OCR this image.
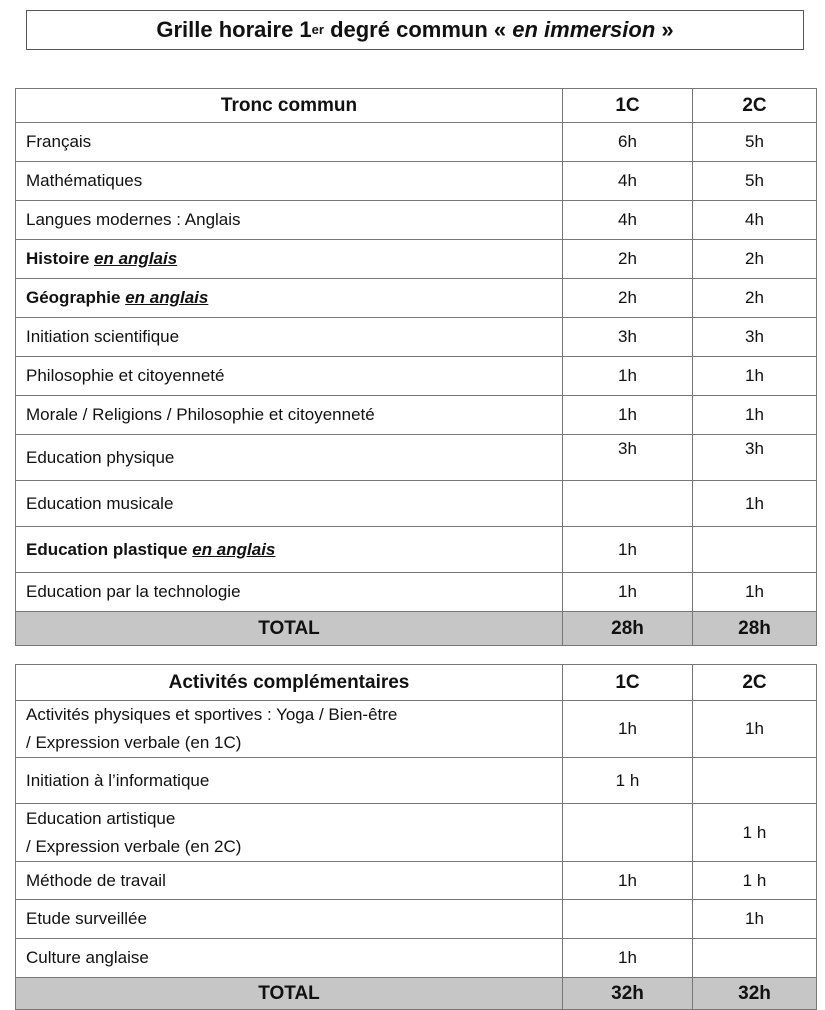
Grille horaire 1 er degré commun « en immersion »
Tronc commun	1C	2C
Français	6h	5h
Mathématiques	4h	5h
Langues modernes : Anglais	4h	4h
Histoire en anglais	2h	2h
Géographie en anglais	2h	2h
Initiation scientifique	3h	3h
Philosophie et citoyenneté	1h	1h
Morale / Religions / Philosophie et citoyenneté	1h	1h
Education physique	3h	3h
Education musicale		1h
Education plastique en anglais	1h	
Education par la technologie	1h	1h
TOTAL	28h	28h
Activités complémentaires	1C	2C

Activités physiques et sportives : Yoga / Bien-être
/ Expression verbale (en 1C)	1h	1h
Initiation à l’informatique	1 h	

Education artistique
/ Expression verbale (en 2C)		1 h
Méthode de travail	1h	1 h
Etude surveillée		1h
Culture anglaise	1h	
TOTAL	32h	32h
